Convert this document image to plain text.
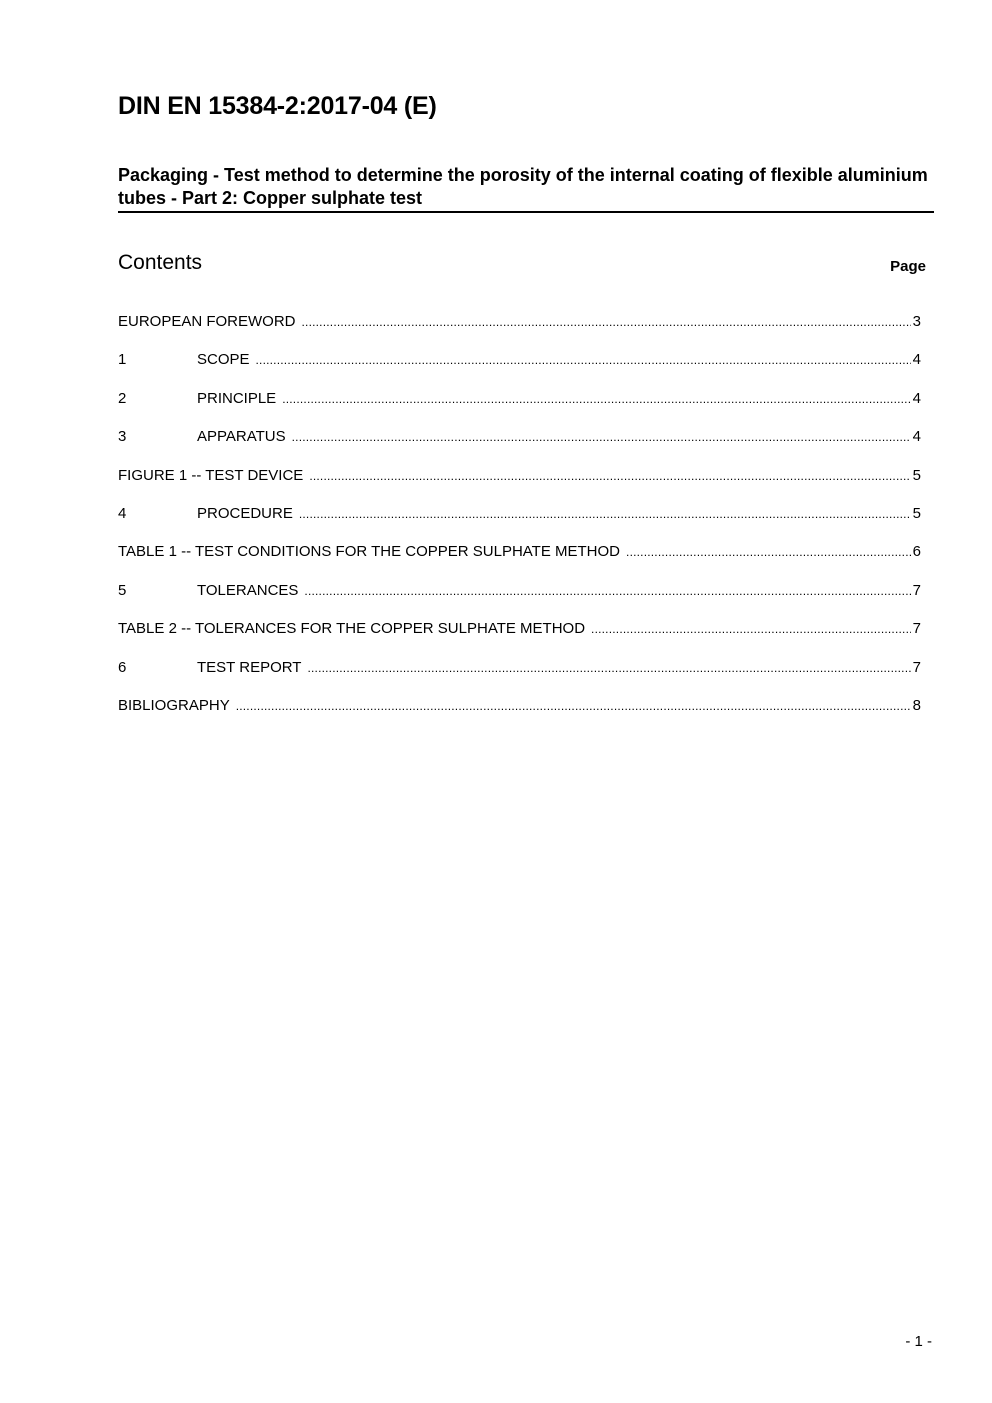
DIN EN 15384-2:2017-04 (E)
Packaging - Test method to determine the porosity of the internal coating of flexible aluminium tubes - Part 2: Copper sulphate test
Contents	Page
EUROPEAN FOREWORD .....	3
1	SCOPE .....	4
2	PRINCIPLE .....	4
3	APPARATUS .....	4
FIGURE 1 -- TEST DEVICE .....	5
4	PROCEDURE .....	5
TABLE 1 -- TEST CONDITIONS FOR THE COPPER SULPHATE METHOD .....	6
5	TOLERANCES .....	7
TABLE 2 -- TOLERANCES FOR THE COPPER SULPHATE METHOD .....	7
6	TEST REPORT .....	7
BIBLIOGRAPHY .....	8
- 1 -
